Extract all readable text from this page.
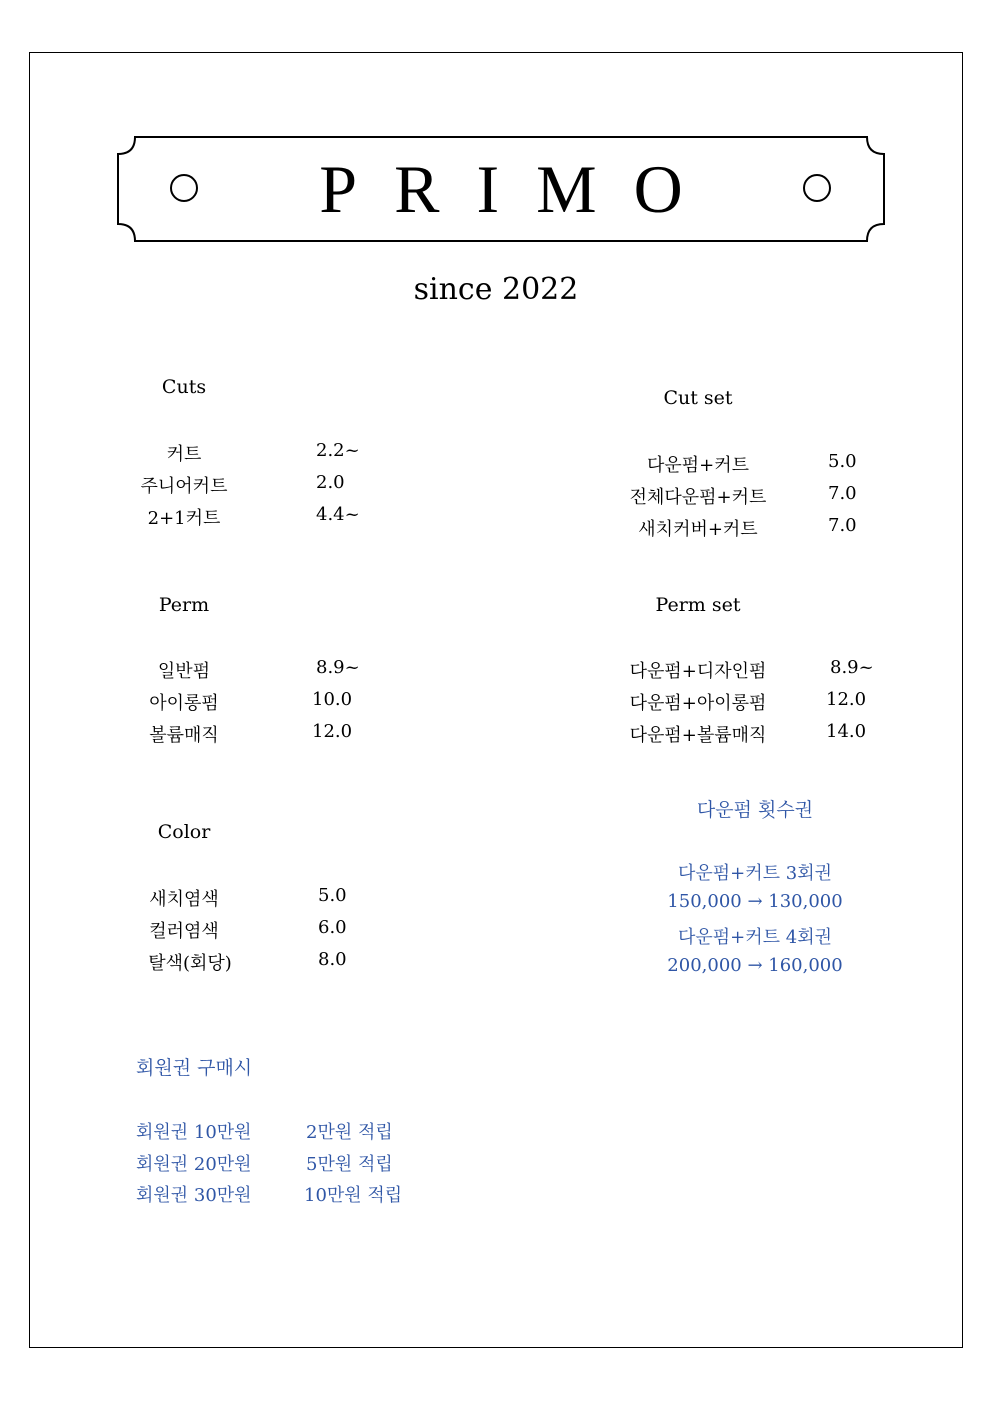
PRIMO
since 2022
Cuts
커트	2.2~
주니어커트	2.0
2+1커트	4.4~
Cut set
다운펌+커트	5.0
전체다운펌+커트	7.0
새치커버+커트	7.0
Perm
일반펌	8.9~
아이롱펌	10.0
볼륨매직	12.0
Perm set
다운펌+디자인펌	8.9~
다운펌+아이롱펌	12.0
다운펌+볼륨매직	14.0
Color
새치염색	5.0
컬러염색	6.0
탈색(회당)	8.0
다운펌 횟수권
다운펌+커트 3회권
150,000 → 130,000
다운펌+커트 4회권
200,000 → 160,000
회원권 구매시
회원권 10만원	2만원 적립
회원권 20만원	5만원 적립
회원권 30만원	10만원 적립
